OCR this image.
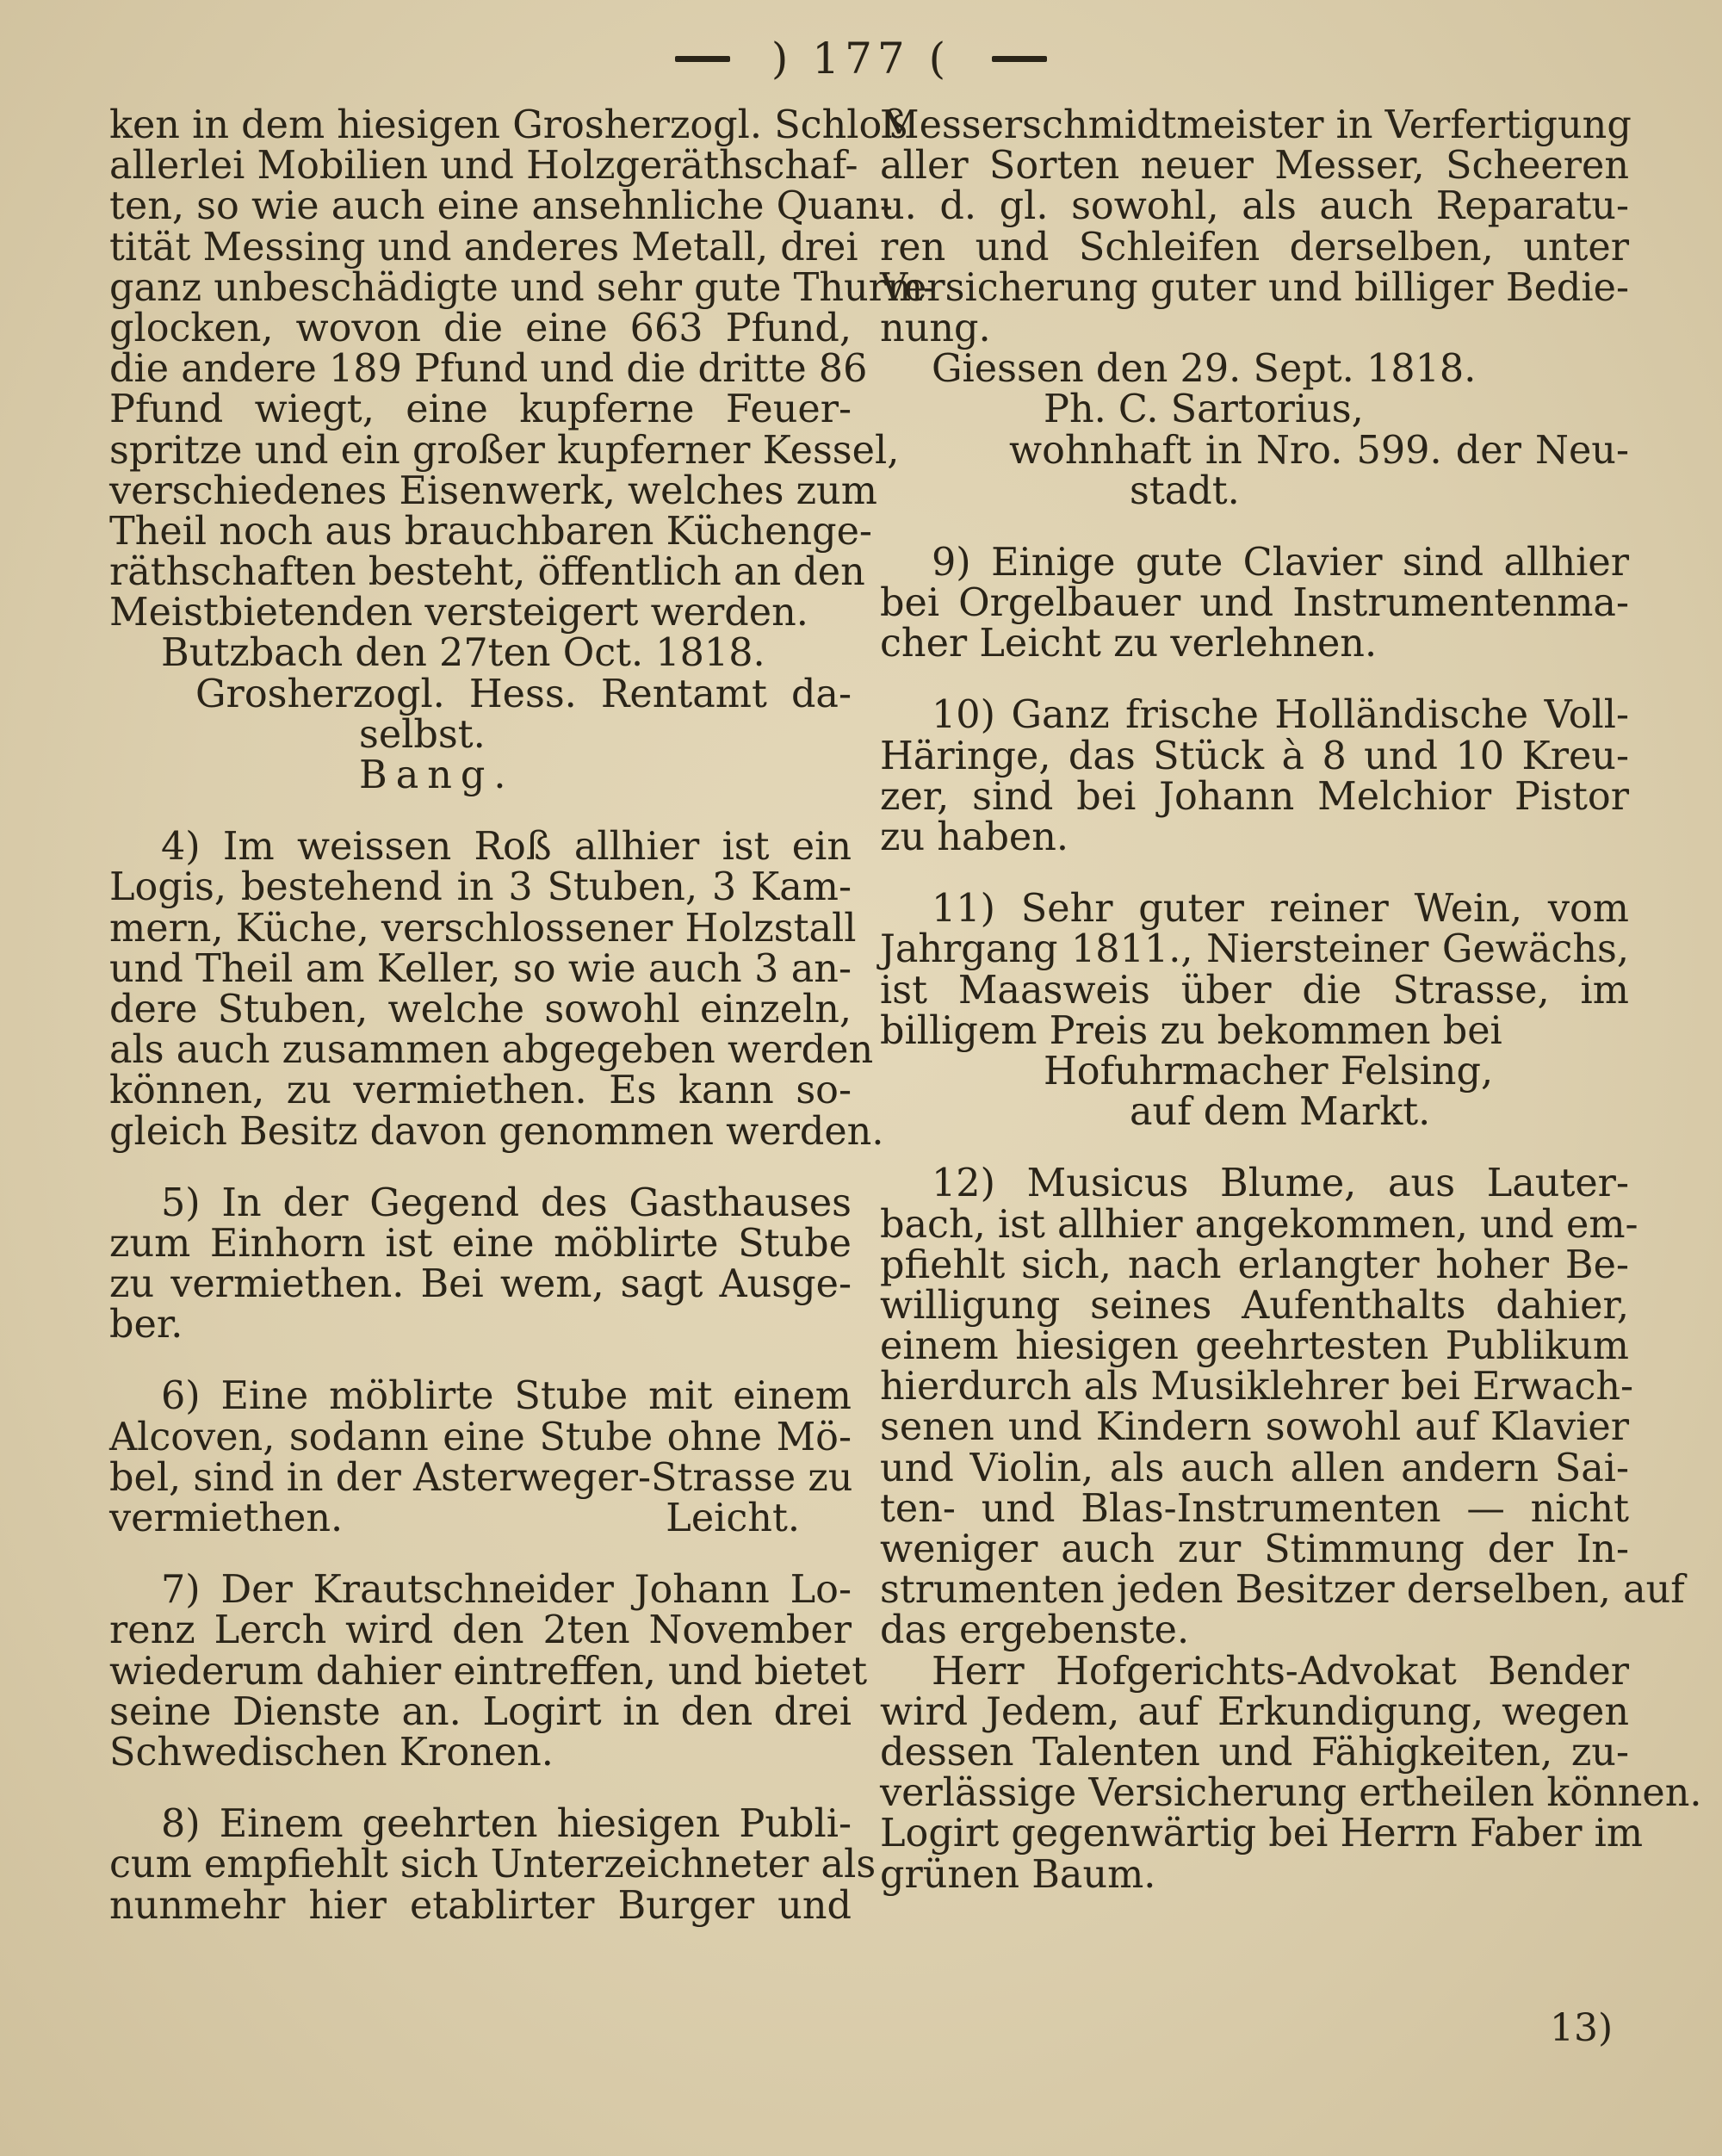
) 177 (
ken in dem hiesigen Grosherzogl. Schloß
allerlei Mobilien und Holzgeräthschaf-
ten, so wie auch eine ansehnliche Quan-
tität Messing und anderes Metall, drei
ganz unbeschädigte und sehr gute Thurm-
glocken, wovon die eine 663 Pfund,
die andere 189 Pfund und die dritte 86
Pfund wiegt, eine kupferne Feuer-
spritze und ein großer kupferner Kessel,
verschiedenes Eisenwerk, welches zum
Theil noch aus brauchbaren Küchenge-
räthschaften besteht, öffentlich an den
Meistbietenden versteigert werden.
Butzbach den 27ten Oct. 1818.
Grosherzogl. Hess. Rentamt da-
selbst.
Bang.
4) Im weissen Roß allhier ist ein
Logis, bestehend in 3 Stuben, 3 Kam-
mern, Küche, verschlossener Holzstall
und Theil am Keller, so wie auch 3 an-
dere Stuben, welche sowohl einzeln,
als auch zusammen abgegeben werden
können, zu vermiethen. Es kann so-
gleich Besitz davon genommen werden.
5) In der Gegend des Gasthauses
zum Einhorn ist eine möblirte Stube
zu vermiethen. Bei wem, sagt Ausge-
ber.
6) Eine möblirte Stube mit einem
Alcoven, sodann eine Stube ohne Mö-
bel, sind in der Asterweger-Strasse zu
vermiethen.	Leicht.
7) Der Krautschneider Johann Lo-
renz Lerch wird den 2ten November
wiederum dahier eintreffen, und bietet
seine Dienste an. Logirt in den drei
Schwedischen Kronen.
8) Einem geehrten hiesigen Publi-
cum empfiehlt sich Unterzeichneter als
nunmehr hier etablirter Burger und
Messerschmidtmeister in Verfertigung
aller Sorten neuer Messer, Scheeren
u. d. gl. sowohl, als auch Reparatu-
ren und Schleifen derselben, unter
Versicherung guter und billiger Bedie-
nung.
Giessen den 29. Sept. 1818.
Ph. C. Sartorius,
wohnhaft in Nro. 599. der Neu-
stadt.
9) Einige gute Clavier sind allhier
bei Orgelbauer und Instrumentenma-
cher Leicht zu verlehnen.
10) Ganz frische Holländische Voll-
Häringe, das Stück à 8 und 10 Kreu-
zer, sind bei Johann Melchior Pistor
zu haben.
11) Sehr guter reiner Wein, vom
Jahrgang 1811., Niersteiner Gewächs,
ist Maasweis über die Strasse, im
billigem Preis zu bekommen bei
Hofuhrmacher Felsing,
auf dem Markt.
12) Musicus Blume, aus Lauter-
bach, ist allhier angekommen, und em-
pfiehlt sich, nach erlangter hoher Be-
willigung seines Aufenthalts dahier,
einem hiesigen geehrtesten Publikum
hierdurch als Musiklehrer bei Erwach-
senen und Kindern sowohl auf Klavier
und Violin, als auch allen andern Sai-
ten- und Blas-Instrumenten — nicht
weniger auch zur Stimmung der In-
strumenten jeden Besitzer derselben, auf
das ergebenste.
Herr Hofgerichts-Advokat Bender
wird Jedem, auf Erkundigung, wegen
dessen Talenten und Fähigkeiten, zu-
verlässige Versicherung ertheilen können.
Logirt gegenwärtig bei Herrn Faber im
grünen Baum.
13)
